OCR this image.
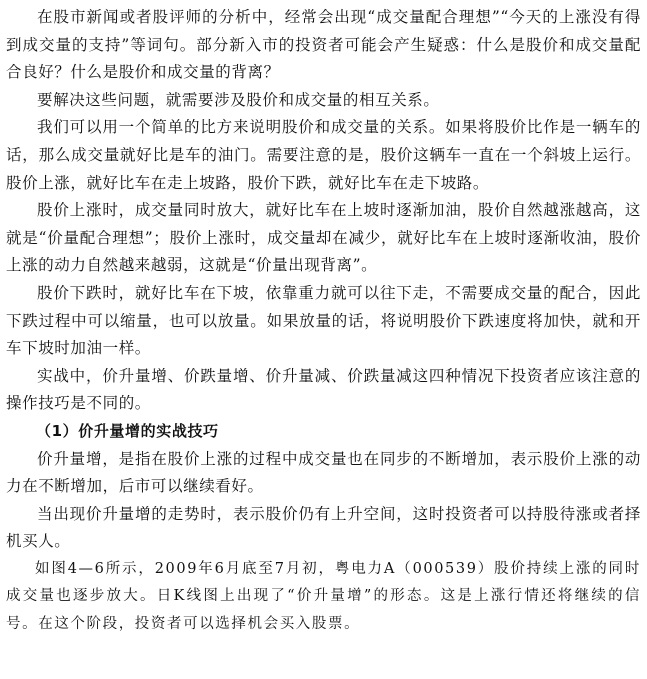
在股市新闻或者股评师的分析中，经常会出现“成交量配合理想”“今天的上涨没有得到成交量的支持”等词句。部分新入市的投资者可能会产生疑惑：什么是股价和成交量配合良好？什么是股价和成交量的背离？

要解决这些问题，就需要涉及股价和成交量的相互关系。

我们可以用一个简单的比方来说明股价和成交量的关系。如果将股价比作是一辆车的话，那么成交量就好比是车的油门。需要注意的是，股价这辆车一直在一个斜坡上运行。股价上涨，就好比车在走上坡路，股价下跌，就好比车在走下坡路。

股价上涨时，成交量同时放大，就好比车在上坡时逐渐加油，股价自然越涨越高，这就是“价量配合理想”；股价上涨时，成交量却在减少，就好比车在上坡时逐渐收油，股价上涨的动力自然越来越弱，这就是“价量出现背离”。

股价下跌时，就好比车在下坡，依靠重力就可以往下走，不需要成交量的配合，因此下跌过程中可以缩量，也可以放量。如果放量的话，将说明股价下跌速度将加快，就和开车下坡时加油一样。

实战中，价升量增、价跌量增、价升量减、价跌量减这四种情况下投资者应该注意的操作技巧是不同的。

（1）价升量增的实战技巧

价升量增，是指在股价上涨的过程中成交量也在同步的不断增加，表示股价上涨的动力在不断增加，后市可以继续看好。

当出现价升量增的走势时，表示股价仍有上升空间，这时投资者可以持股待涨或者择机买人。

如图4—6所示，2009年6月底至7月初，粤电力A（000539）股价持续上涨的同时成交量也逐步放大。日K线图上出现了“价升量增”的形态。这是上涨行情还将继续的信号。在这个阶段，投资者可以选择机会买入股票。
